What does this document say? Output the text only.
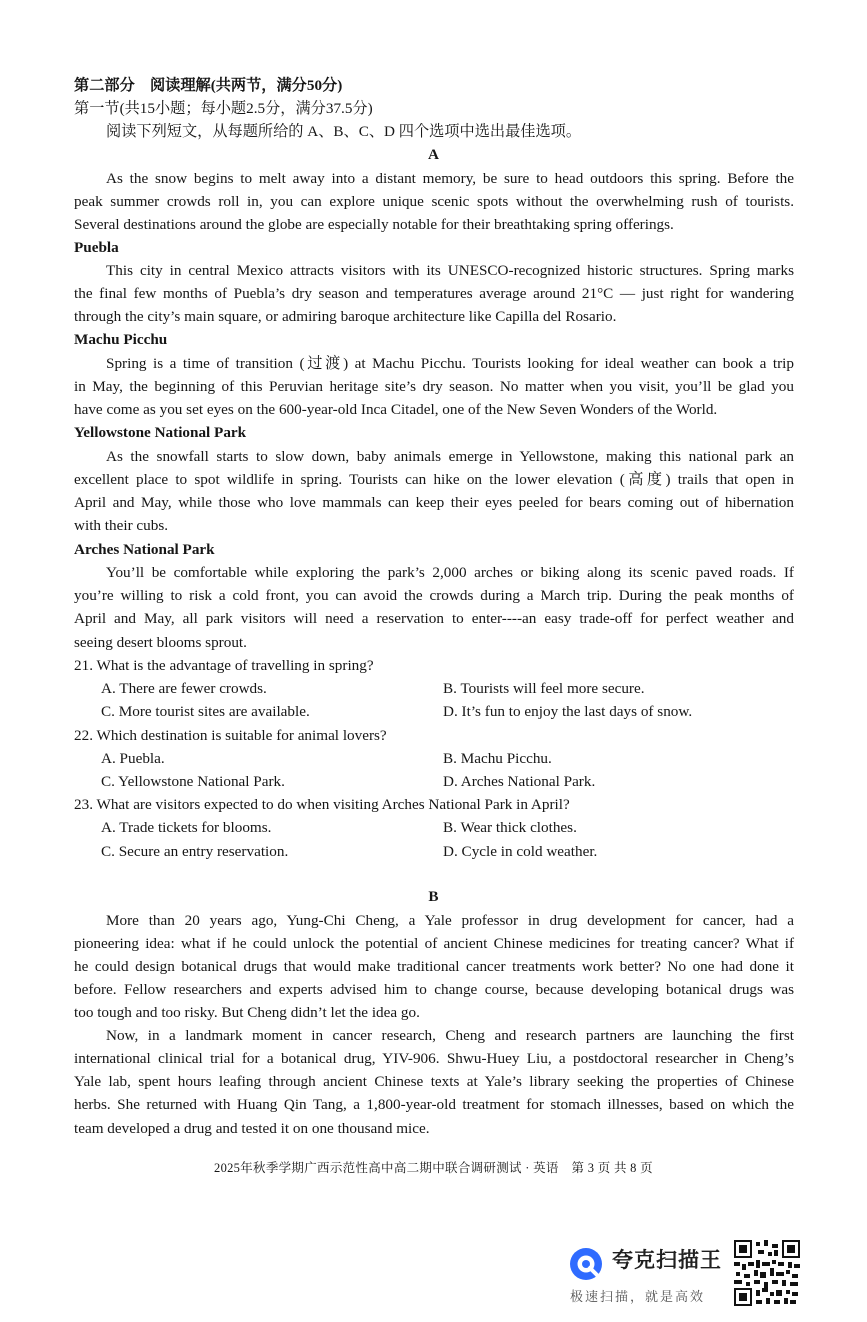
第二部分　阅读理解(共两节，满分50分)
第一节(共15小题；每小题2.5分，满分37.5分)
阅读下列短文，从每题所给的 A、B、C、D 四个选项中选出最佳选项。
A
As the snow begins to melt away into a distant memory, be sure to head outdoors this spring. Before the
peak summer crowds roll in, you can explore unique scenic spots without the overwhelming rush of tourists.
Several destinations around the globe are especially notable for their breathtaking spring offerings.
Puebla
This city in central Mexico attracts visitors with its UNESCO-recognized historic structures. Spring marks
the final few months of Puebla’s dry season and temperatures average around 21°C — just right for wandering
through the city’s main square, or admiring baroque architecture like Capilla del Rosario.
Machu Picchu
Spring is a time of transition (过渡) at Machu Picchu. Tourists looking for ideal weather can book a trip
in May, the beginning of this Peruvian heritage site’s dry season. No matter when you visit, you’ll be glad you
have come as you set eyes on the 600-year-old Inca Citadel, one of the New Seven Wonders of the World.
Yellowstone National Park
As the snowfall starts to slow down, baby animals emerge in Yellowstone, making this national park an
excellent place to spot wildlife in spring. Tourists can hike on the lower elevation (高度) trails that open in
April and May, while those who love mammals can keep their eyes peeled for bears coming out of hibernation
with their cubs.
Arches National Park
You’ll be comfortable while exploring the park’s 2,000 arches or biking along its scenic paved roads. If
you’re willing to risk a cold front, you can avoid the crowds during a March trip. During the peak months of
April and May, all park visitors will need a reservation to enter----an easy trade-off for perfect weather and
seeing desert blooms sprout.
21. What is the advantage of travelling in spring?
A. There are fewer crowds.	B. Tourists will feel more secure.
C. More tourist sites are available.	D. It’s fun to enjoy the last days of snow.
22. Which destination is suitable for animal lovers?
A. Puebla.	B. Machu Picchu.
C. Yellowstone National Park.	D. Arches National Park.
23. What are visitors expected to do when visiting Arches National Park in April?
A. Trade tickets for blooms.	B. Wear thick clothes.
C. Secure an entry reservation.	D. Cycle in cold weather.
B
More than 20 years ago, Yung-Chi Cheng, a Yale professor in drug development for cancer, had a
pioneering idea: what if he could unlock the potential of ancient Chinese medicines for treating cancer? What if
he could design botanical drugs that would make traditional cancer treatments work better? No one had done it
before. Fellow researchers and experts advised him to change course, because developing botanical drugs was
too tough and too risky. But Cheng didn’t let the idea go.
Now, in a landmark moment in cancer research, Cheng and research partners are launching the first
international clinical trial for a botanical drug, YIV-906. Shwu-Huey Liu, a postdoctoral researcher in Cheng’s
Yale lab, spent hours leafing through ancient Chinese texts at Yale’s library seeking the properties of Chinese
herbs. She returned with Huang Qin Tang, a 1,800-year-old treatment for stomach illnesses, based on which the
team developed a drug and tested it on one thousand mice.
2025年秋季学期广西示范性高中高二期中联合调研测试 · 英语　第 3 页 共 8 页
夸克扫描王
极速扫描，就是高效
